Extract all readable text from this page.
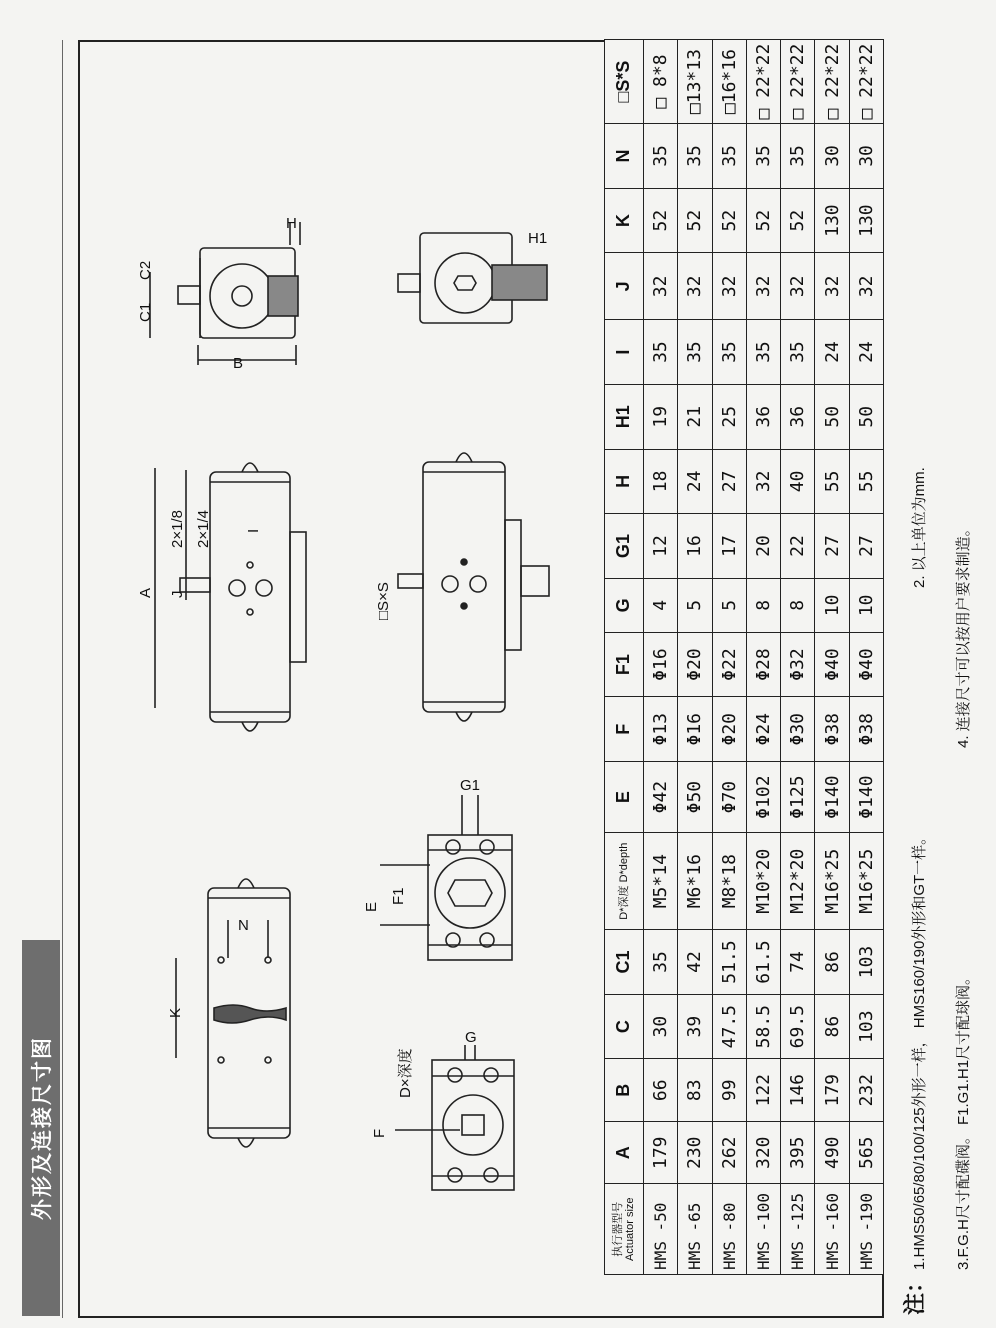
外形及连接尺寸图
C1
C2
B
H
H1
A J
I
2×1/8 2×1/4
□S×S
G1
E
F1
N
K
D×深度
G
F
执行器型号 Actuator size	A	B	C	C1	D*深度 D*depth	E	F	F1	G	G1	H	H1	I	J	K	N	□S*S
HMS -50	179	66	30	35	M5*14	Φ42	Φ13	Φ16	4	12	18	19	35	32	52	35	□ 8*8
HMS -65	230	83	39	42	M6*16	Φ50	Φ16	Φ20	5	16	24	21	35	32	52	35	□13*13
HMS -80	262	99	47.5	51.5	M8*18	Φ70	Φ20	Φ22	5	17	27	25	35	32	52	35	□16*16
HMS -100	320	122	58.5	61.5	M10*20	Φ102	Φ24	Φ28	8	20	32	36	35	32	52	35	□ 22*22
HMS -125	395	146	69.5	74	M12*20	Φ125	Φ30	Φ32	8	22	40	36	35	32	52	35	□ 22*22
HMS -160	490	179	86	86	M16*25	Φ140	Φ38	Φ40	10	27	55	50	24	32	130	30	□ 22*22
HMS -190	565	232	103	103	M16*25	Φ140	Φ38	Φ40	10	27	55	50	24	32	130	30	□ 22*22
注：
1.HMS50/65/80/100/125外形一样， HMS160/190外形和GT一样。
2. 以上单位为mm.
3.F.G.H尺寸配碟阀。 F1.G1.H1尺寸配球阀。
4. 连接尺寸可以按用户要求制造。
